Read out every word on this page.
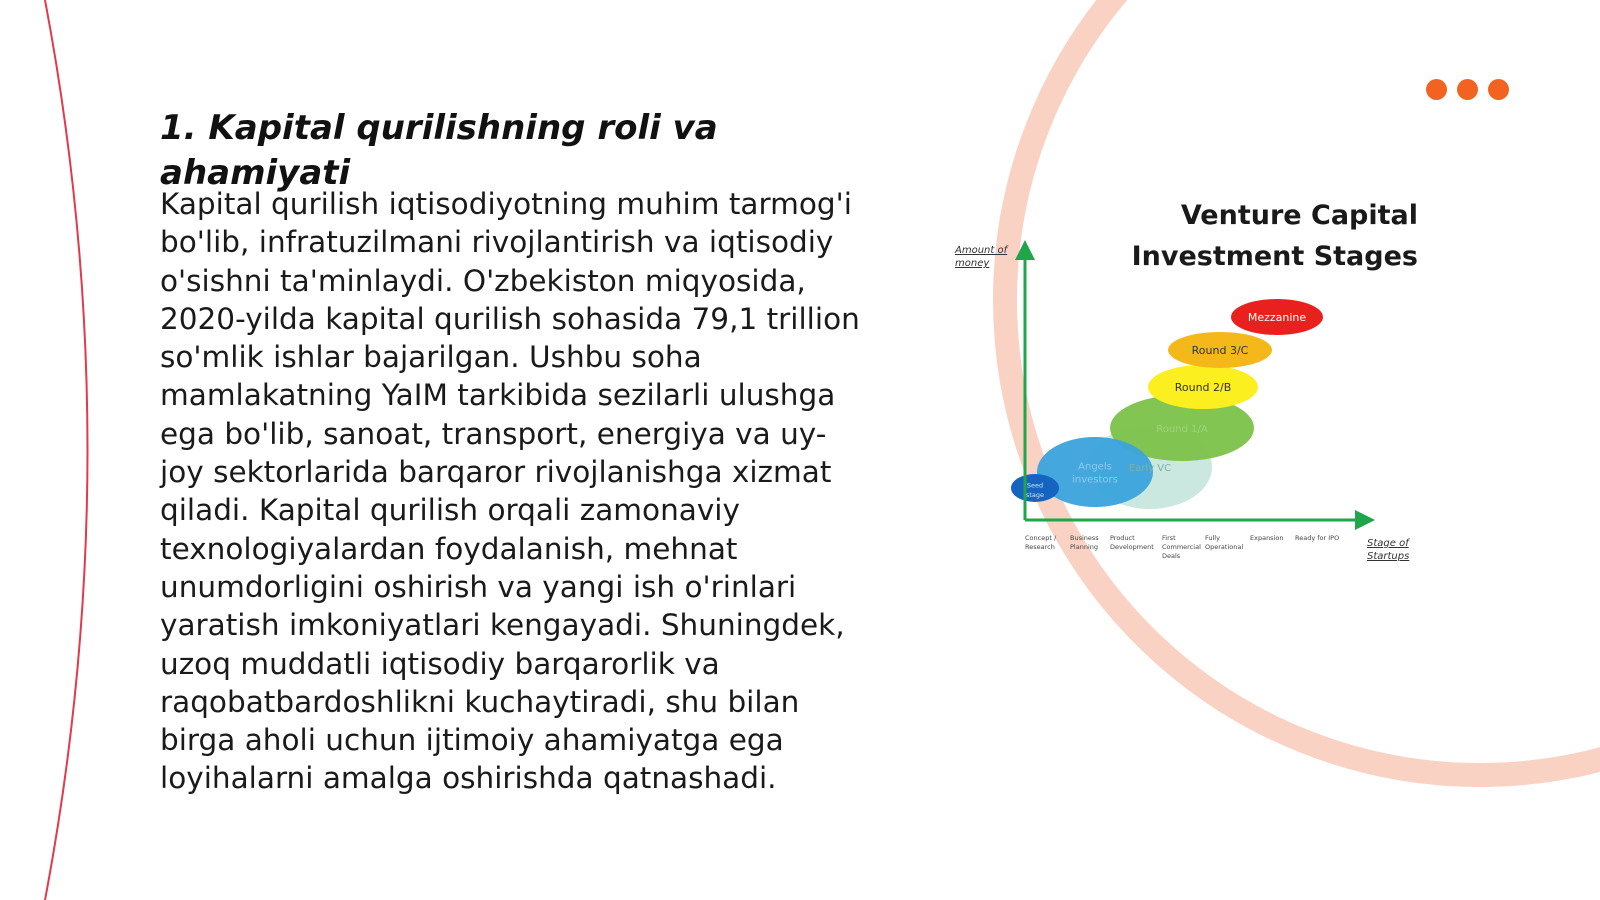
1. Kapital qurilishning roli va ahamiyati

Kapital qurilish iqtisodiyotning muhim tarmog'i bo'lib, infratuzilmani rivojlantirish va iqtisodiy o'sishni ta'minlaydi. O'zbekiston miqyosida, 2020-yilda kapital qurilish sohasida 79,1 trillion so'mlik ishlar bajarilgan. Ushbu soha mamlakatning YaIM tarkibida sezilarli ulushga ega bo'lib, sanoat, transport, energiya va uy-joy sektorlarida barqaror rivojlanishga xizmat qiladi. Kapital qurilish orqali zamonaviy texnologiyalardan foydalanish, mehnat unumdorligini oshirish va yangi ish o'rinlari yaratish imkoniyatlari kengayadi. Shuningdek, uzoq muddatli iqtisodiy barqarorlik va raqobatbardoshlikni kuchaytiradi, shu bilan birga aholi uchun ijtimoiy ahamiyatga ega loyihalarni amalga oshirishda qatnashadi.

Venture Capital
Investment Stages
Amount of
money
Seed
stage
Angels
investors
Early VC
Round 1/A
Round 2/B
Round 3/C
Mezzanine
Concept /
Research
Business
Planning
Product
Development
First
Commercial
Deals
Fully
Operational
Expansion Ready for IPO	Stage of
Startups
